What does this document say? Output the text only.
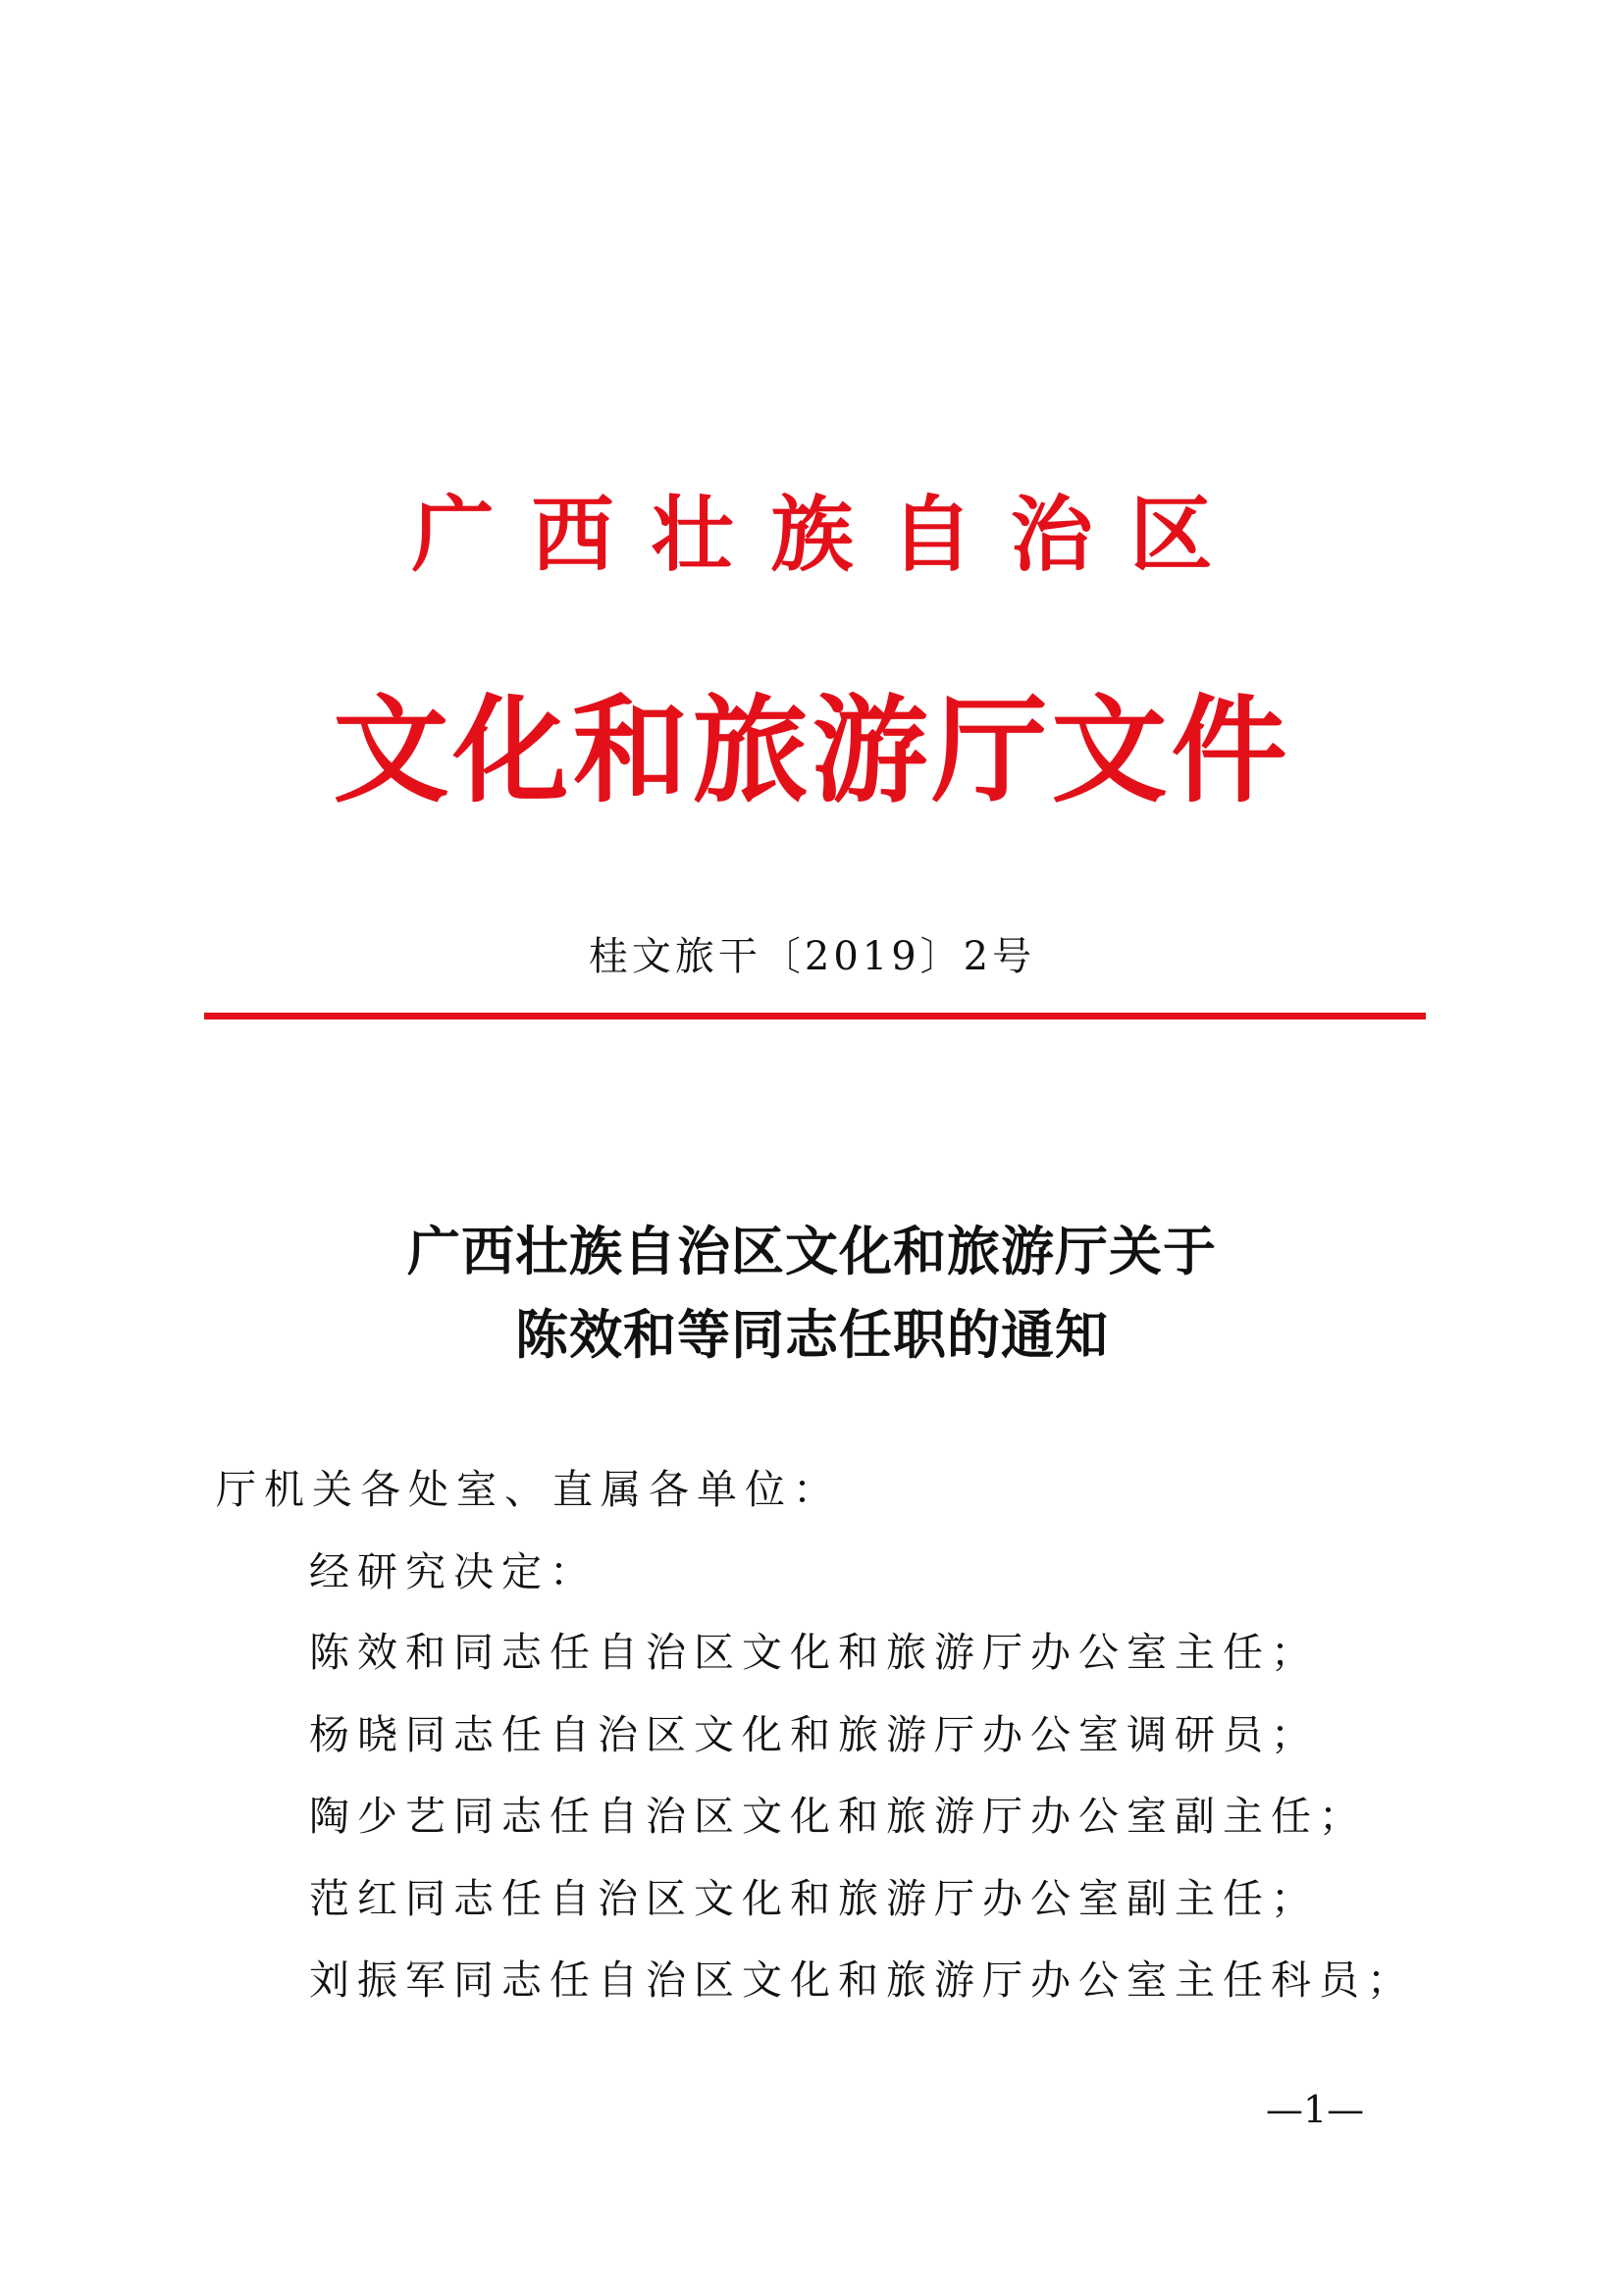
广西壮族自治区
文化和旅游厅文件
桂文旅干〔2019〕2号
广西壮族自治区文化和旅游厅关于
陈效和等同志任职的通知
厅机关各处室、直属各单位：
经研究决定：
陈效和同志任自治区文化和旅游厅办公室主任；
杨晓同志任自治区文化和旅游厅办公室调研员；
陶少艺同志任自治区文化和旅游厅办公室副主任；
范红同志任自治区文化和旅游厅办公室副主任；
刘振军同志任自治区文化和旅游厅办公室主任科员；
—1—
